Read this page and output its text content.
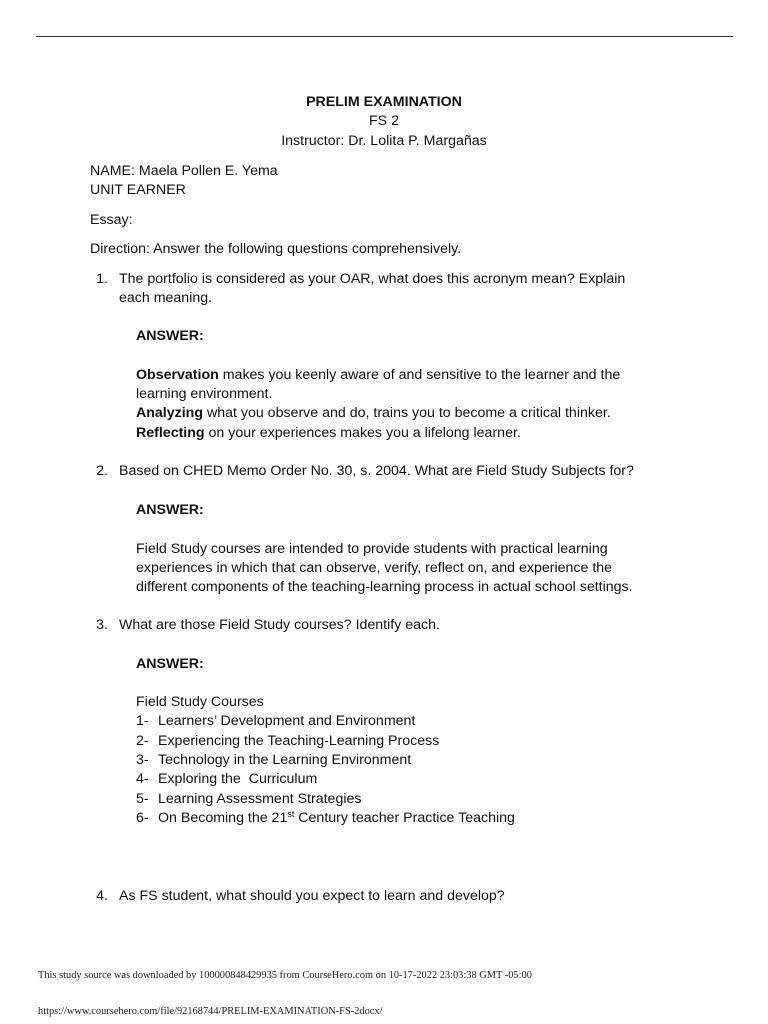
PRELIM EXAMINATION
FS 2
Instructor: Dr. Lolita P. Margañas
NAME: Maela Pollen E. Yema
UNIT EARNER
Essay:
Direction: Answer the following questions comprehensively.
1. The portfolio is considered as your OAR, what does this acronym mean? Explain
each meaning.
ANSWER:
Observation makes you keenly aware of and sensitive to the learner and the
learning environment.
Analyzing what you observe and do, trains you to become a critical thinker.
Reflecting on your experiences makes you a lifelong learner.
2. Based on CHED Memo Order No. 30, s. 2004. What are Field Study Subjects for?
ANSWER:
Field Study courses are intended to provide students with practical learning
experiences in which that can observe, verify, reflect on, and experience the
different components of the teaching-learning process in actual school settings.
3. What are those Field Study courses? Identify each.
ANSWER:
Field Study Courses
1- Learners’ Development and Environment
2- Experiencing the Teaching-Learning Process
3- Technology in the Learning Environment
4- Exploring the  Curriculum
5- Learning Assessment Strategies
6- On Becoming the 21st Century teacher Practice Teaching
4. As FS student, what should you expect to learn and develop?
This study source was downloaded by 100000848429935 from CourseHero.com on 10-17-2022 23:03:38 GMT -05:00
https://www.coursehero.com/file/92168744/PRELIM-EXAMINATION-FS-2docx/
